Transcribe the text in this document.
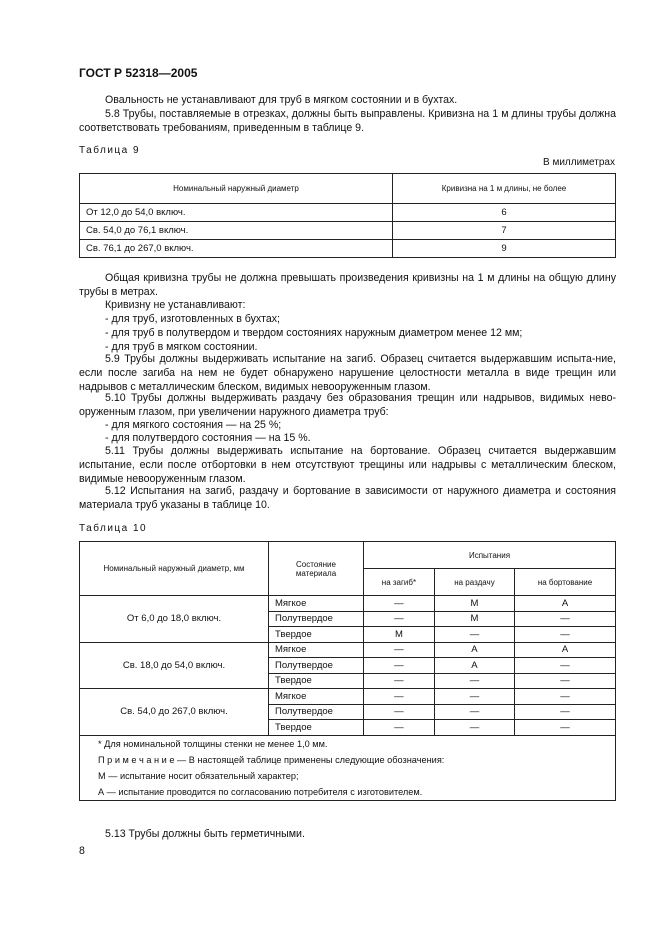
ГОСТ Р 52318—2005
Овальность не устанавливают для труб в мягком состоянии и в бухтах.
5.8 Трубы, поставляемые в отрезках, должны быть выправлены. Кривизна на 1 м длины трубы должна соответствовать требованиям, приведенным в таблице 9.
Таблица 9
В миллиметрах
Номинальный наружный диаметр	Кривизна на 1 м длины, не более
От 12,0 до 54,0 включ.	6
Св. 54,0 до 76,1 включ.	7
Св. 76,1 до 267,0 включ.	9
Общая кривизна трубы не должна превышать произведения кривизны на 1 м длины на общую длину трубы в метрах.
Кривизну не устанавливают:
- для труб, изготовленных в бухтах;
- для труб в полутвердом и твердом состояниях наружным диаметром менее 12 мм;
- для труб в мягком состоянии.
5.9 Трубы должны выдерживать испытание на загиб. Образец считается выдержавшим испыта-ние, если после загиба на нем не будет обнаружено нарушение целостности металла в виде трещин или надрывов с металлическим блеском, видимых невооруженным глазом.
5.10 Трубы должны выдерживать раздачу без образования трещин или надрывов, видимых нево-оруженным глазом, при увеличении наружного диаметра труб:
- для мягкого состояния — на 25 %;
- для полутвердого состояния — на 15 %.
5.11 Трубы должны выдерживать испытание на бортование. Образец считается выдержавшим испытание, если после отбортовки в нем отсутствуют трещины или надрывы с металлическим блеском, видимые невооруженным глазом.
5.12 Испытания на загиб, раздачу и бортование в зависимости от наружного диаметра и состояния материала труб указаны в таблице 10.
Таблица 10
Номинальный наружный диаметр, мм	Состояние материала	Испытания		
		на загиб*	на раздачу	на бортование
От 6,0 до 18,0 включ.	Мягкое	—	М	А
	Полутвердое	—	М	—
	Твердое	М	—	—
Св. 18,0 до 54,0 включ.	Мягкое	—	А	А
	Полутвердое	—	А	—
	Твердое	—	—	—
Св. 54,0 до 267,0 включ.	Мягкое	—	—	—
	Полутвердое	—	—	—
	Твердое	—	—	—
* Для номинальной толщины стенки не менее 1,0 мм.				
П р и м е ч а н и е — В настоящей таблице применены следующие обозначения:				
М — испытание носит обязательный характер;				
А — испытание проводится по согласованию потребителя с изготовителем.				
5.13 Трубы должны быть герметичными.
8
